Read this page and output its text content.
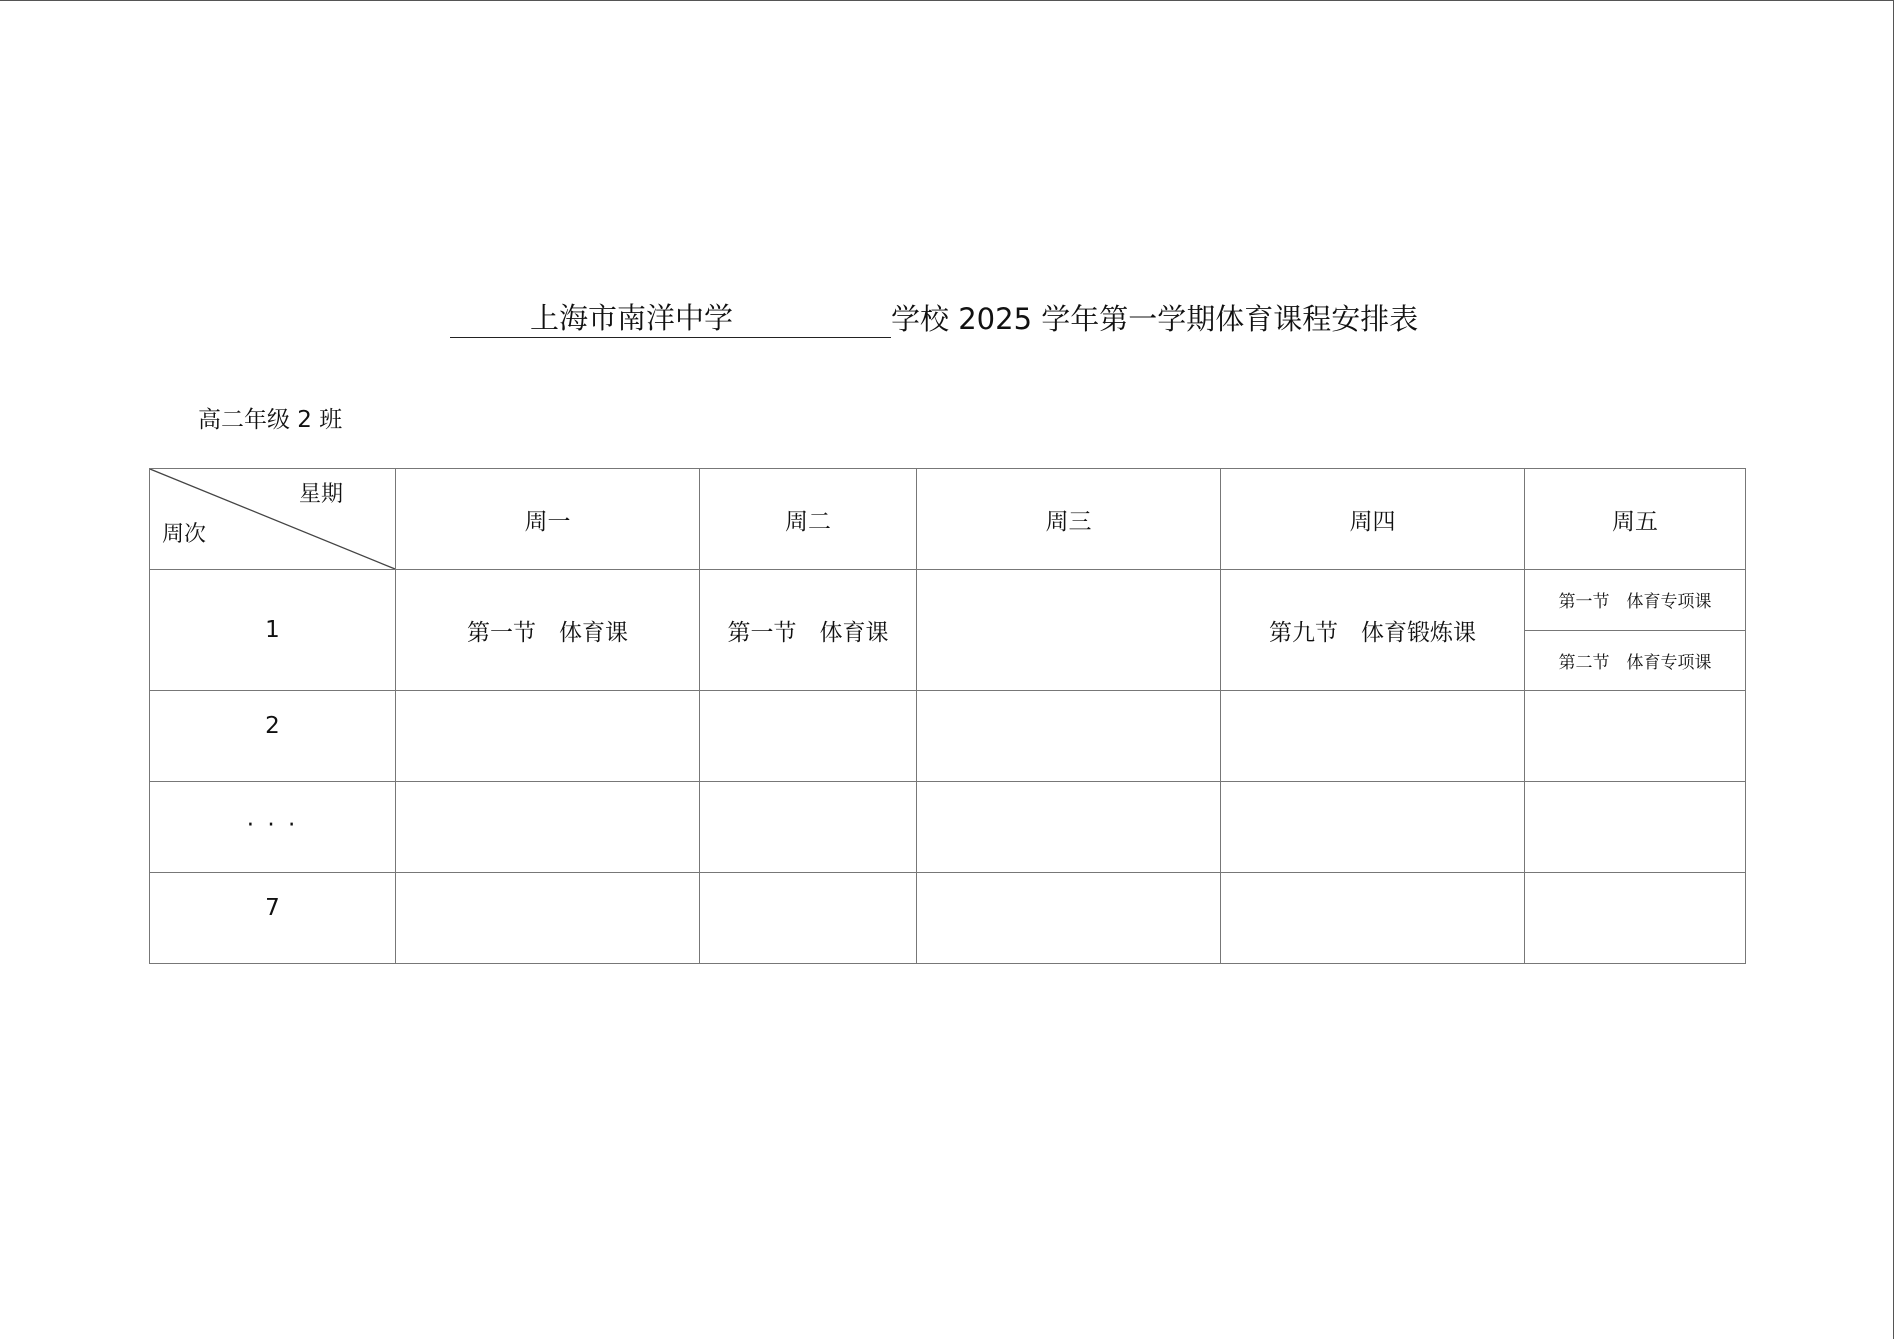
上海市南洋中学	学校 2025 学年第一学期体育课程安排表
高二年级 2 班
星期
周次	周一	周二	周三	周四	周五
1	第一节　体育课	第一节　体育课		第九节　体育锻炼课	第一节　体育专项课
第二节　体育专项课

2					
· · ·					
7					
